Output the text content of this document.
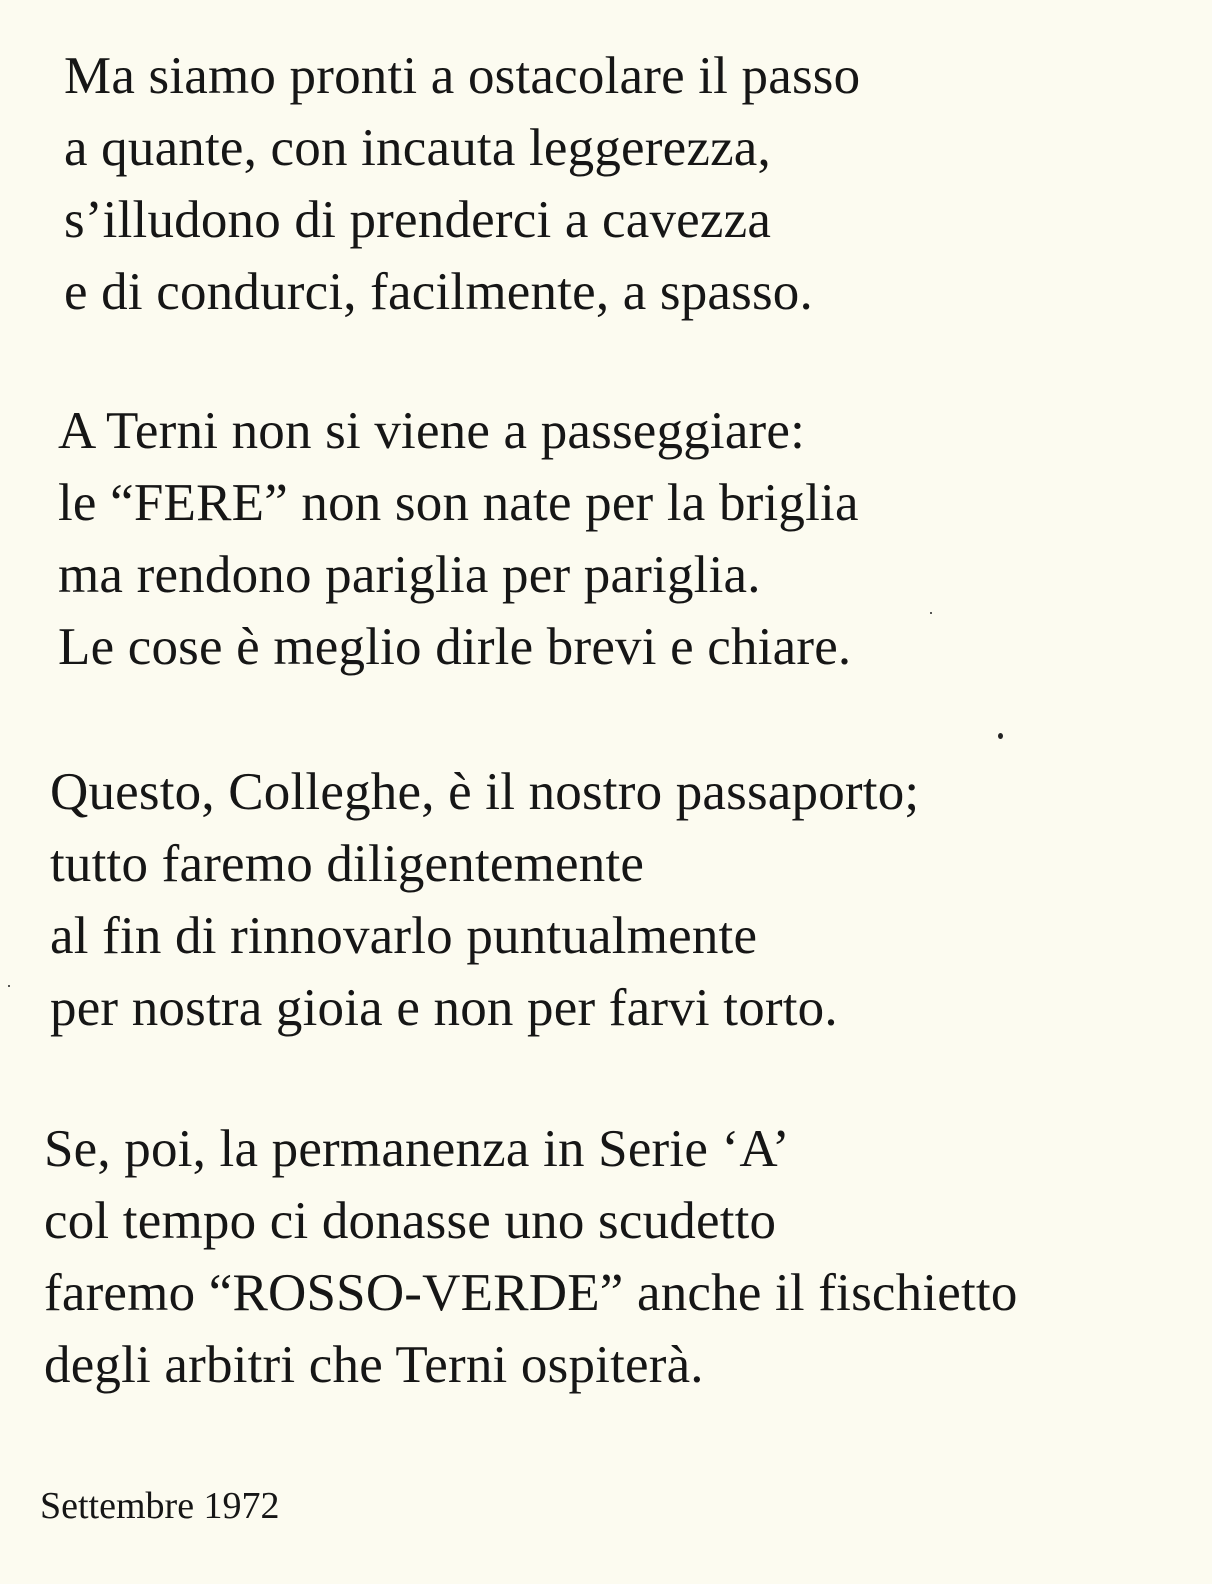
Ma siamo pronti a ostacolare il passo
a quante, con incauta leggerezza,
s’illudono di prenderci a cavezza
e di condurci, facilmente, a spasso.
A Terni non si viene a passeggiare:
le “FERE” non son nate per la briglia
ma rendono pariglia per pariglia.
Le cose è meglio dirle brevi e chiare.
Questo, Colleghe, è il nostro passaporto;
tutto faremo diligentemente
al fin di rinnovarlo puntualmente
per nostra gioia e non per farvi torto.
Se, poi, la permanenza in Serie ‘A’
col tempo ci donasse uno scudetto
faremo “ROSSO-VERDE” anche il fischietto
degli arbitri che Terni ospiterà.
Settembre 1972
